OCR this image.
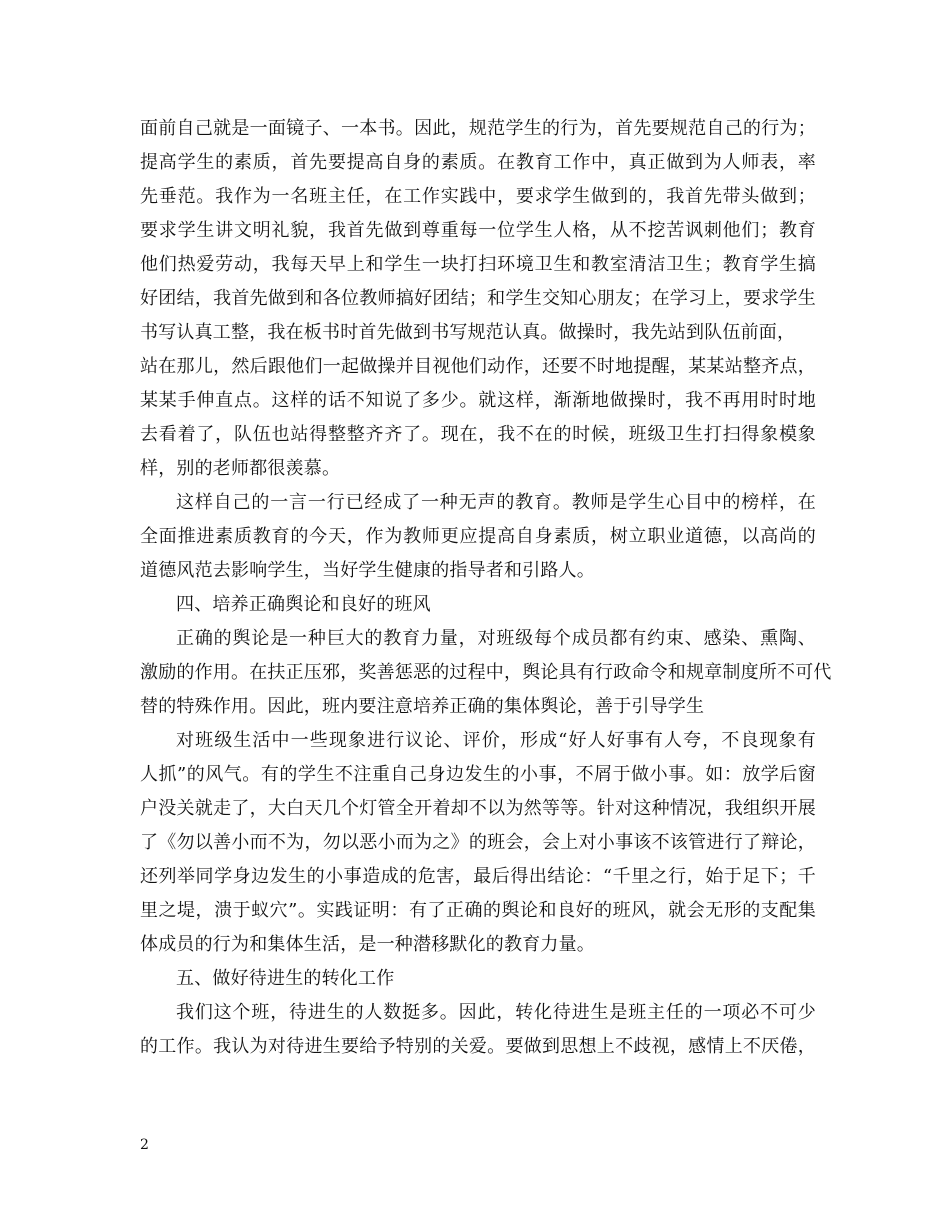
面前自己就是一面镜子、一本书。因此，规范学生的行为，首先要规范自己的行为；
提高学生的素质，首先要提高自身的素质。在教育工作中，真正做到为人师表，率
先垂范。我作为一名班主任，在工作实践中，要求学生做到的，我首先带头做到；
要求学生讲文明礼貌，我首先做到尊重每一位学生人格，从不挖苦讽刺他们；教育
他们热爱劳动，我每天早上和学生一块打扫环境卫生和教室清洁卫生；教育学生搞
好团结，我首先做到和各位教师搞好团结；和学生交知心朋友；在学习上，要求学生
书写认真工整，我在板书时首先做到书写规范认真。做操时，我先站到队伍前面，
站在那儿，然后跟他们一起做操并目视他们动作，还要不时地提醒，某某站整齐点，
某某手伸直点。这样的话不知说了多少。就这样，渐渐地做操时，我不再用时时地
去看着了，队伍也站得整整齐齐了。现在，我不在的时候，班级卫生打扫得象模象
样，别的老师都很羡慕。
这样自己的一言一行已经成了一种无声的教育。教师是学生心目中的榜样，在
全面推进素质教育的今天，作为教师更应提高自身素质，树立职业道德，以高尚的
道德风范去影响学生，当好学生健康的指导者和引路人。
四、培养正确舆论和良好的班风
正确的舆论是一种巨大的教育力量，对班级每个成员都有约束、感染、熏陶、
激励的作用。在扶正压邪，奖善惩恶的过程中，舆论具有行政命令和规章制度所不可代
替的特殊作用。因此，班内要注意培养正确的集体舆论，善于引导学生
对班级生活中一些现象进行议论、评价，形成“好人好事有人夸，不良现象有
人抓”的风气。有的学生不注重自己身边发生的小事，不屑于做小事。如：放学后窗
户没关就走了，大白天几个灯管全开着却不以为然等等。针对这种情况，我组织开展
了《勿以善小而不为，勿以恶小而为之》的班会，会上对小事该不该管进行了辩论，
还列举同学身边发生的小事造成的危害，最后得出结论：“千里之行，始于足下；千
里之堤，溃于蚁穴”。实践证明：有了正确的舆论和良好的班风，就会无形的支配集
体成员的行为和集体生活，是一种潜移默化的教育力量。
五、做好待进生的转化工作
我们这个班，待进生的人数挺多。因此，转化待进生是班主任的一项必不可少
的工作。我认为对待进生要给予特别的关爱。要做到思想上不歧视，感情上不厌倦，
2
